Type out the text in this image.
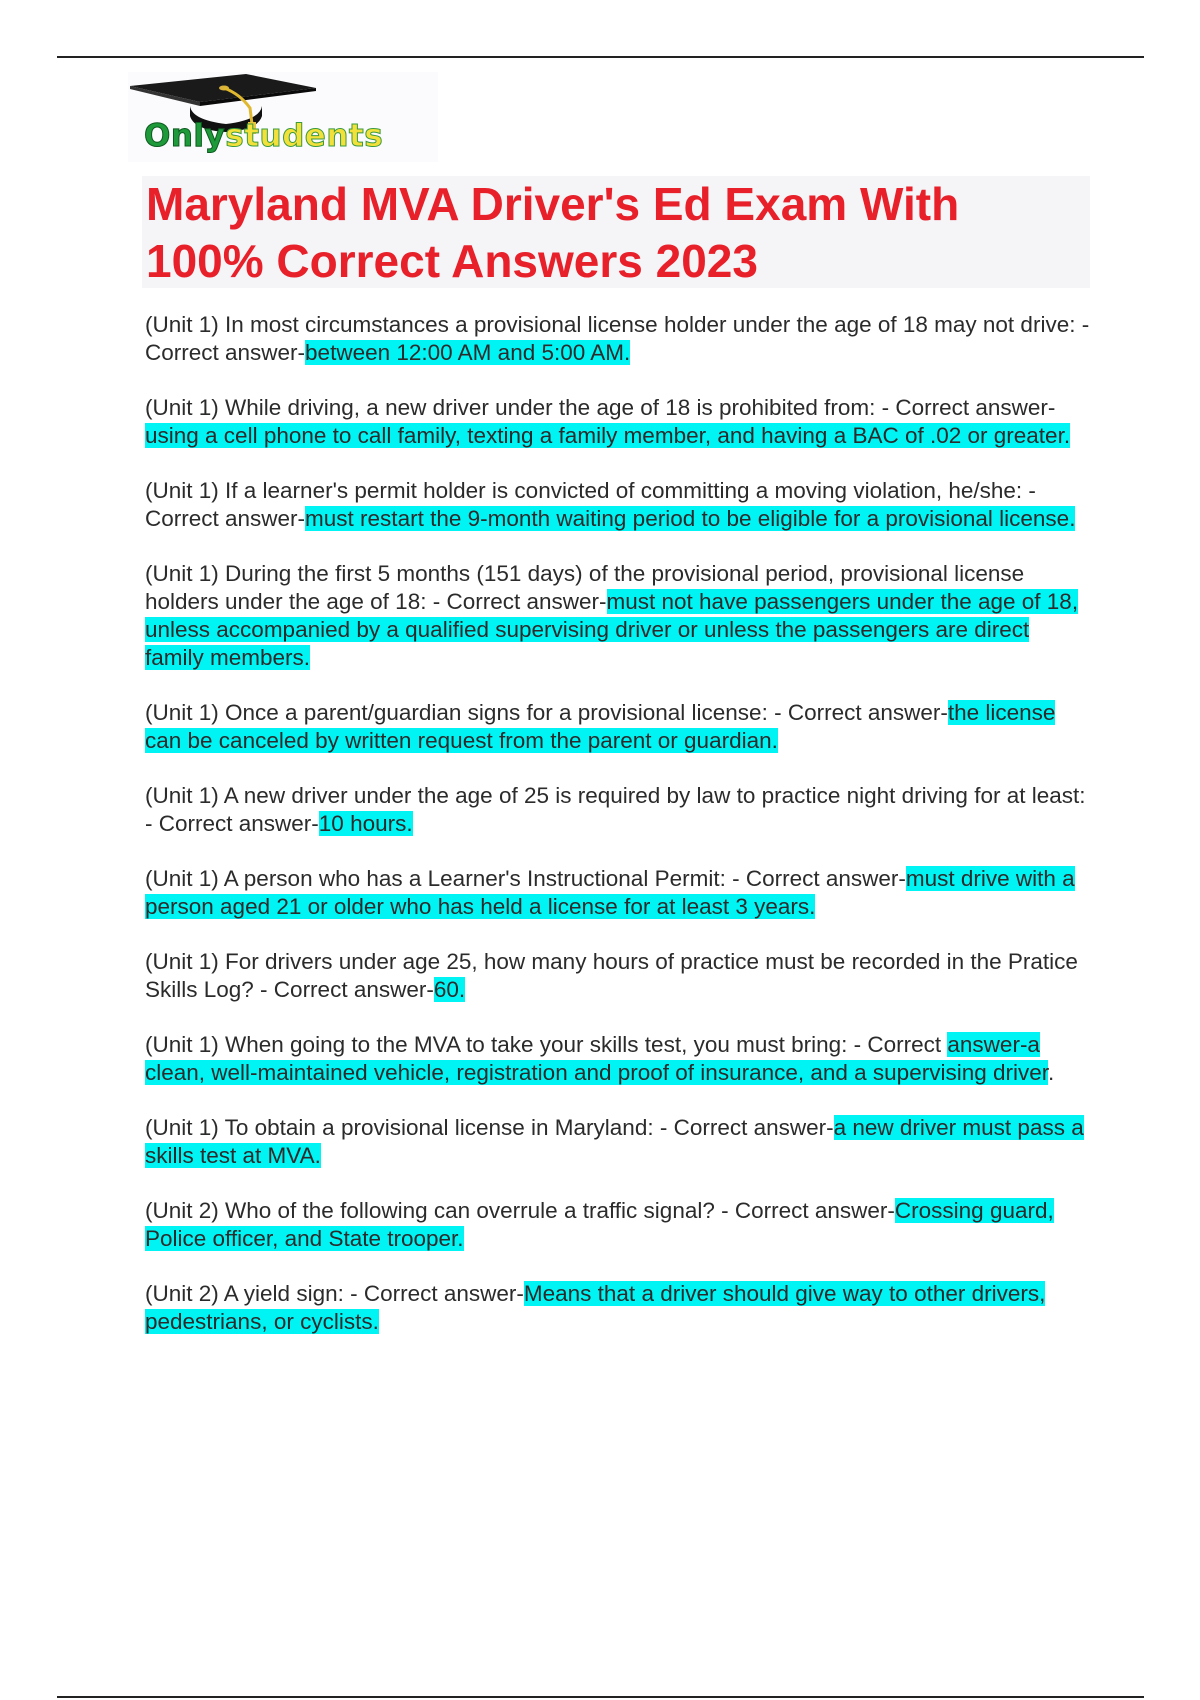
Onlystudents
Maryland MVA Driver's Ed Exam With 100% Correct Answers 2023

(Unit 1) In most circumstances a provisional license holder under the age of 18 may not drive: - Correct answer-between 12:00 AM and 5:00 AM.

(Unit 1) While driving, a new driver under the age of 18 is prohibited from: - Correct answer-using a cell phone to call family, texting a family member, and having a BAC of .02 or greater.

(Unit 1) If a learner's permit holder is convicted of committing a moving violation, he/she: - Correct answer-must restart the 9-month waiting period to be eligible for a provisional license.

(Unit 1) During the first 5 months (151 days) of the provisional period, provisional license holders under the age of 18: - Correct answer-must not have passengers under the age of 18, unless accompanied by a qualified supervising driver or unless the passengers are direct family members.

(Unit 1) Once a parent/guardian signs for a provisional license: - Correct answer-the license can be canceled by written request from the parent or guardian.

(Unit 1) A new driver under the age of 25 is required by law to practice night driving for at least: - Correct answer-10 hours.

(Unit 1) A person who has a Learner's Instructional Permit: - Correct answer-must drive with a person aged 21 or older who has held a license for at least 3 years.

(Unit 1) For drivers under age 25, how many hours of practice must be recorded in the Pratice Skills Log? - Correct answer-60.

(Unit 1) When going to the MVA to take your skills test, you must bring: - Correct answer-a clean, well-maintained vehicle, registration and proof of insurance, and a supervising driver.

(Unit 1) To obtain a provisional license in Maryland: - Correct answer-a new driver must pass a skills test at MVA.

(Unit 2) Who of the following can overrule a traffic signal? - Correct answer-Crossing guard, Police officer, and State trooper.

(Unit 2) A yield sign: - Correct answer-Means that a driver should give way to other drivers, pedestrians, or cyclists.
